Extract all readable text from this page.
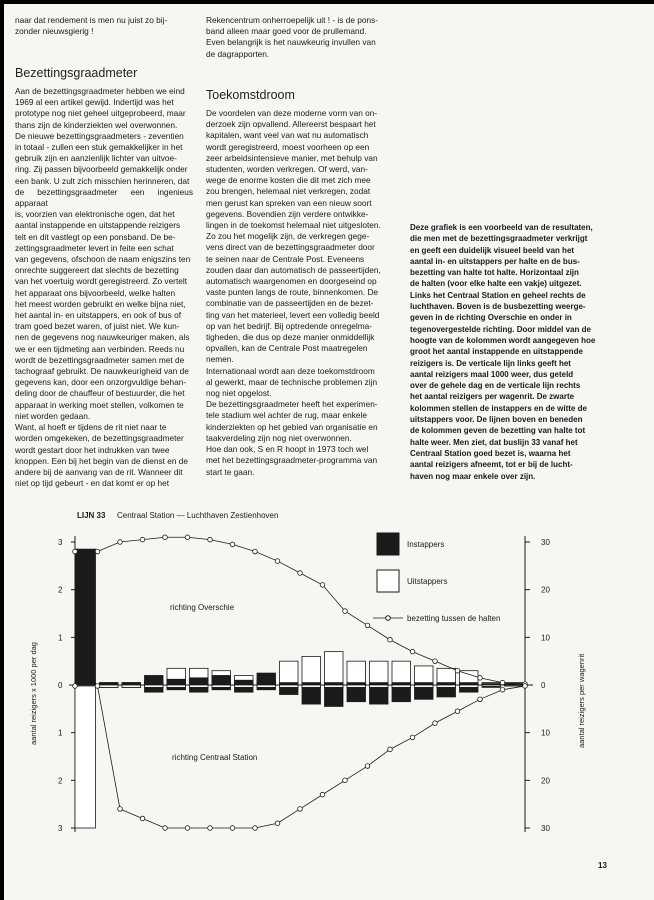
naar dat rendement is men nu juist zo bij-
zonder nieuwsgierig !
Bezettingsgraadmeter
Aan de bezettingsgraadmeter hebben we eind
1969 al een artikel gewijd. Indertijd was het
prototype nog niet geheel uitgeprobeerd, maar
thans zijn de kinderziekten wel overwonnen.
De nieuwe bezettingsgraadmeters - zeventien
in totaal - zullen een stuk gemakkelijker in het
gebruik zijn en aanzienlijk lichter van uitvoe-
ring. Zij passen bijvoorbeeld gemakkelijk onder
een bank. U zult zich misschien herinneren, dat
de bezettingsgraadmeter een ingenieus apparaat
is, voorzien van elektronische ogen, dat het
aantal instappende en uitstappende reizigers
telt en dit vastlegt op een ponsband. De be-
zettingsgraadmeter levert in feite een schat
van gegevens, ofschoon de naam enigszins ten
onrechte suggereert dat slechts de bezetting
van het voertuig wordt geregistreerd. Zo vertelt
het apparaat ons bijvoorbeeld, welke halten
het meest worden gebruikt en welke bijna niet,
het aantal in- en uitstappers, en ook of bus of
tram goed bezet waren, of juist niet. We kun-
nen de gegevens nog nauwkeuriger maken, als
we er een tijdmeting aan verbinden. Reeds nu
wordt de bezettingsgraadmeter samen met de
tachograaf gebruikt. De nauwkeurigheid van de
gegevens kan, door een onzorgvuldige behan-
deling door de chauffeur of bestuurder, die het
apparaat in werking moet stellen, volkomen te
niet worden gedaan.
Want, al hoeft er tijdens de rit niet naar te
worden omgekeken, de bezettingsgraadmeter
wordt gestart door het indrukken van twee
knoppen. Een bij het begin van de dienst en de
andere bij de aanvang van de rit. Wanneer dit
niet op tijd gebeurt - en dat komt er op het
Rekencentrum onherroepelijk uit ! - is de pons-
band alleen maar goed voor de prullemand.
Even belangrijk is het nauwkeurig invullen van
de dagrapporten.
Toekomstdroom
De voordelen van deze moderne vorm van on-
derzoek zijn opvallend. Allereerst bespaart het
kapitalen, want veel van wat nu automatisch
wordt geregistreerd, moest voorheen op een
zeer arbeidsintensieve manier, met behulp van
studenten, worden verkregen. Of werd, van-
wege de enorme kosten die dit met zich mee
zou brengen, helemaal niet verkregen, zodat
men gerust kan spreken van een nieuw soort
gegevens. Bovendien zijn verdere ontwikke-
lingen in de toekomst helemaal niet uitgesloten.
Zo zou het mogelijk zijn, de verkregen gege-
vens direct van de bezettingsgraadmeter door
te seinen naar de Centrale Post. Eveneens
zouden daar dan automatisch de passeertijden,
automatisch waargenomen en doorgeseind op
vaste punten langs de route, binnenkomen. De
combinatie van de passeertijden en de bezet-
ting van het materieel, levert een volledig beeld
op van het bedrijf. Bij optredende onregelma-
tigheden, die dus op deze manier onmiddellijk
opvallen, kan de Centrale Post maatregelen
nemen.
Internationaal wordt aan deze toekomstdroom
al gewerkt, maar de technische problemen zijn
nog niet opgelost.
De bezettingsgraadmeter heeft het experimen-
tele stadium wel achter de rug, maar enkele
kinderziekten op het gebied van organisatie en
taakverdeling zijn nog niet overwonnen.
Hoe dan ook, S en R hoopt in 1973 toch wel
met het bezettingsgraadmeter-programma van
start te gaan.
Deze grafiek is een voorbeeld van de resultaten,
die men met de bezettingsgraadmeter verkrijgt
en geeft een duidelijk visueel beeld van het
aantal in- en uitstappers per halte en de bus-
bezetting van halte tot halte. Horizontaal zijn
de halten (voor elke halte een vakje) uitgezet.
Links het Centraal Station en geheel rechts de
luchthaven. Boven is de busbezetting weerge-
geven in de richting Overschie en onder in
tegenovergestelde richting. Door middel van de
hoogte van de kolommen wordt aangegeven hoe
groot het aantal instappende en uitstappende
reizigers is. De verticale lijn links geeft het
aantal reizigers maal 1000 weer, dus geteld
over de gehele dag en de verticale lijn rechts
het aantal reizigers per wagenrit. De zwarte
kolommen stellen de instappers en de witte de
uitstappers voor. De lijnen boven en beneden
de kolommen geven de bezetting van halte tot
halte weer. Men ziet, dat buslijn 33 vanaf het
Centraal Station goed bezet is, waarna het
aantal reizigers afneemt, tot er bij de lucht-
haven nog maar enkele over zijn.
LIJN 33 Centraal Station — Luchthaven Zestienhoven
3
2
1
0
1
2
3
30
20
10
0
10
20
30
aantal reizigers x 1000 per dag	aantal reizigers per wagenrit
richting Overschie
richting Centraal Station
Instappers
Uitstappers
bezetting tussen de halten
13
